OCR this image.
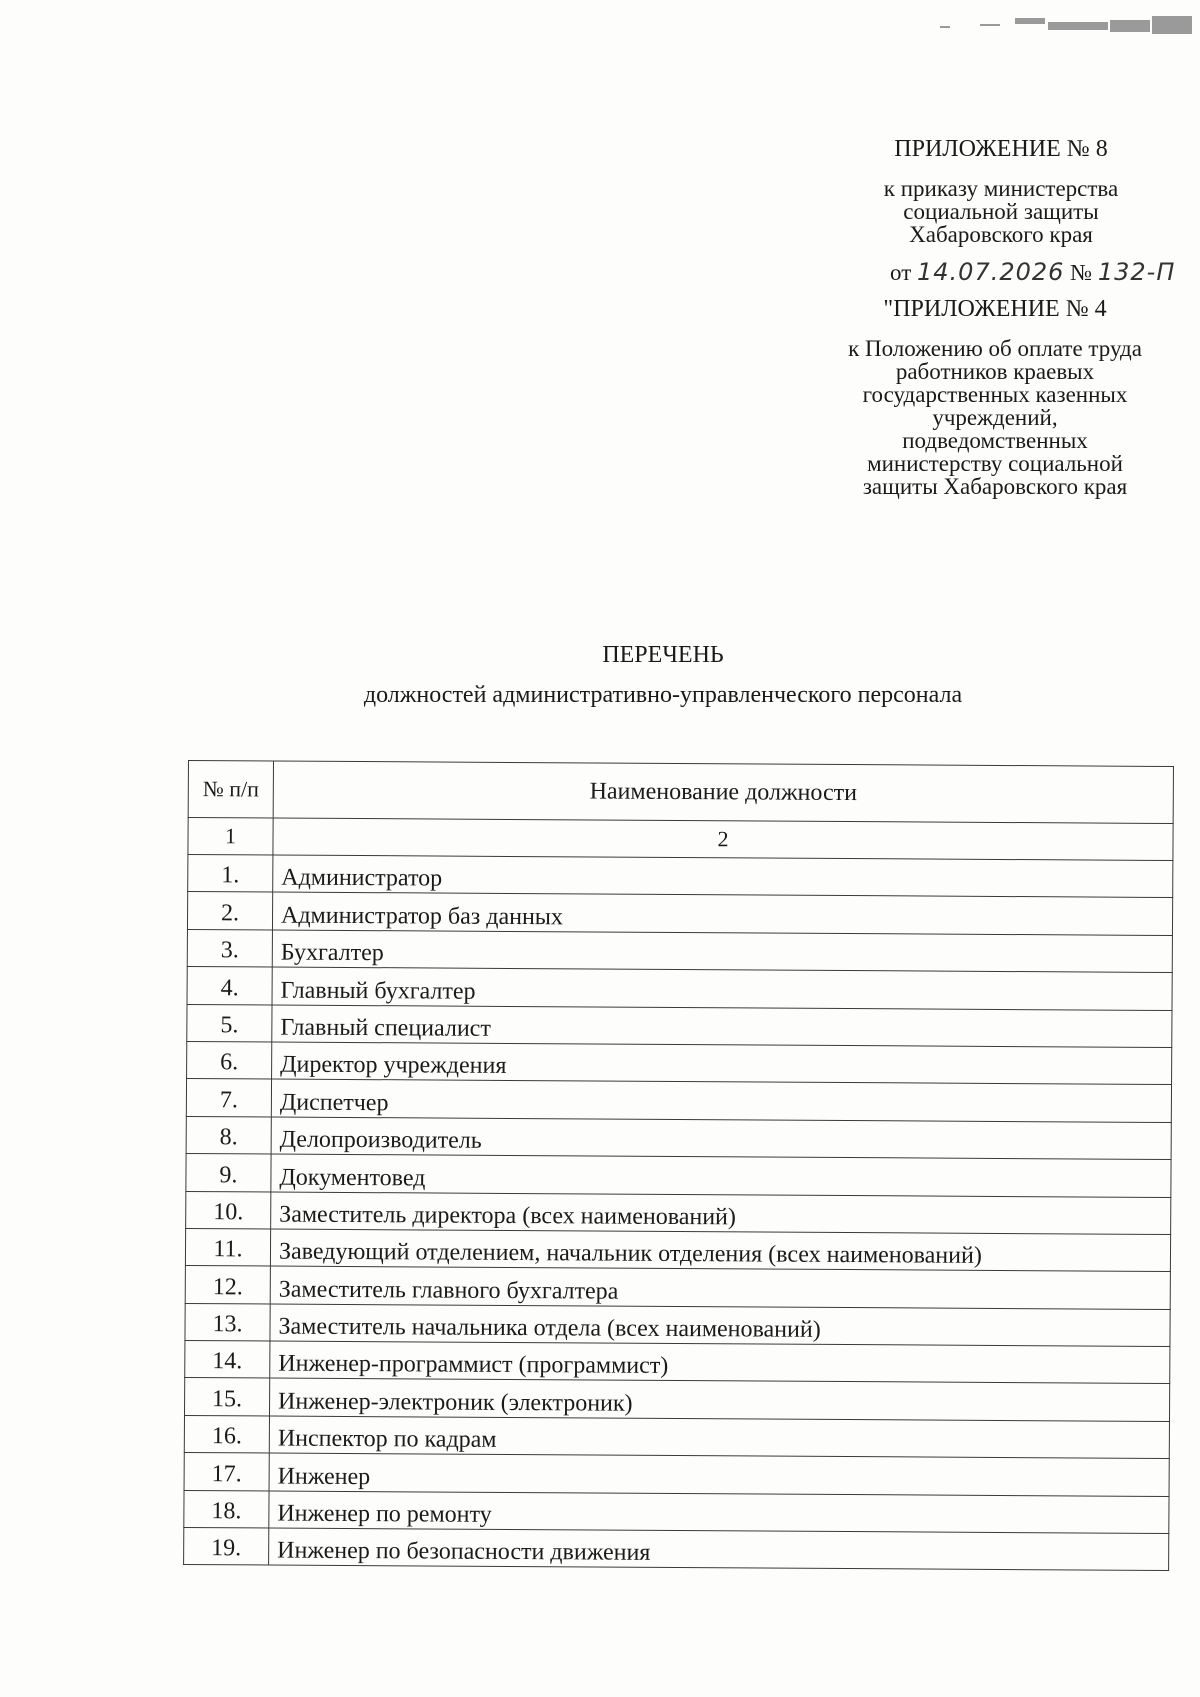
ПРИЛОЖЕНИЕ № 8
к приказу министерства
социальной защиты
Хабаровского края
от 14.07.2026 № 132-П
"ПРИЛОЖЕНИЕ № 4
к Положению об оплате труда
работников краевых
государственных казенных
учреждений,
подведомственных
министерству социальной
защиты Хабаровского края
ПЕРЕЧЕНЬ
должностей административно-управленческого персонала
№ п/п	Наименование должности
1	2
1.	Администратор
2.	Администратор баз данных
3.	Бухгалтер
4.	Главный бухгалтер
5.	Главный специалист
6.	Директор учреждения
7.	Диспетчер
8.	Делопроизводитель
9.	Документовед
10.	Заместитель директора (всех наименований)
11.	Заведующий отделением, начальник отделения (всех наименований)
12.	Заместитель главного бухгалтера
13.	Заместитель начальника отдела (всех наименований)
14.	Инженер-программист (программист)
15.	Инженер-электроник (электроник)
16.	Инспектор по кадрам
17.	Инженер
18.	Инженер по ремонту
19.	Инженер по безопасности движения
